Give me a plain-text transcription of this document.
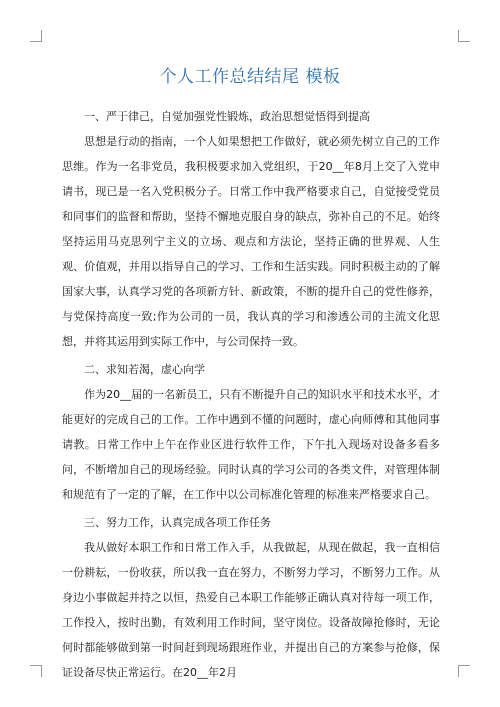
个人工作总结结尾 模板

一、严于律己，自觉加强党性锻炼，政治思想觉悟得到提高

思想是行动的指南，一个人如果想把工作做好，就必须先树立自己的工作思维。作为一名非党员，我积极要求加入党组织，于20__年8月上交了入党申请书，现已是一名入党积极分子。日常工作中我严格要求自己，自觉接受党员和同事们的监督和帮助，坚持不懈地克服自身的缺点，弥补自己的不足。始终坚持运用马克思列宁主义的立场、观点和方法论，坚持正确的世界观、人生观、价值观，并用以指导自己的学习、工作和生活实践。同时积极主动的了解国家大事，认真学习党的各项新方针、新政策，不断的提升自己的党性修养，与党保持高度一致;作为公司的一员，我认真的学习和渗透公司的主流文化思想，并将其运用到实际工作中，与公司保持一致。

二、求知若渴，虚心向学

作为20__届的一名新员工，只有不断提升自己的知识水平和技术水平，才能更好的完成自己的工作。工作中遇到不懂的问题时，虚心向师傅和其他同事请教。日常工作中上午在作业区进行软件工作，下午扎入现场对设备多看多问，不断增加自己的现场经验。同时认真的学习公司的各类文件，对管理体制和规范有了一定的了解，在工作中以公司标准化管理的标准来严格要求自己。

三、努力工作，认真完成各项工作任务

我从做好本职工作和日常工作入手，从我做起，从现在做起，我一直相信一份耕耘，一份收获，所以我一直在努力，不断努力学习，不断努力工作。从身边小事做起并持之以恒，热爱自己本职工作能够正确认真对待每一项工作，工作投入，按时出勤，有效利用工作时间，坚守岗位。设备故障抢修时，无论何时都能够做到第一时间赶到现场跟班作业，并提出自己的方案参与抢修，保证设备尽快正常运行。在20__年2月
